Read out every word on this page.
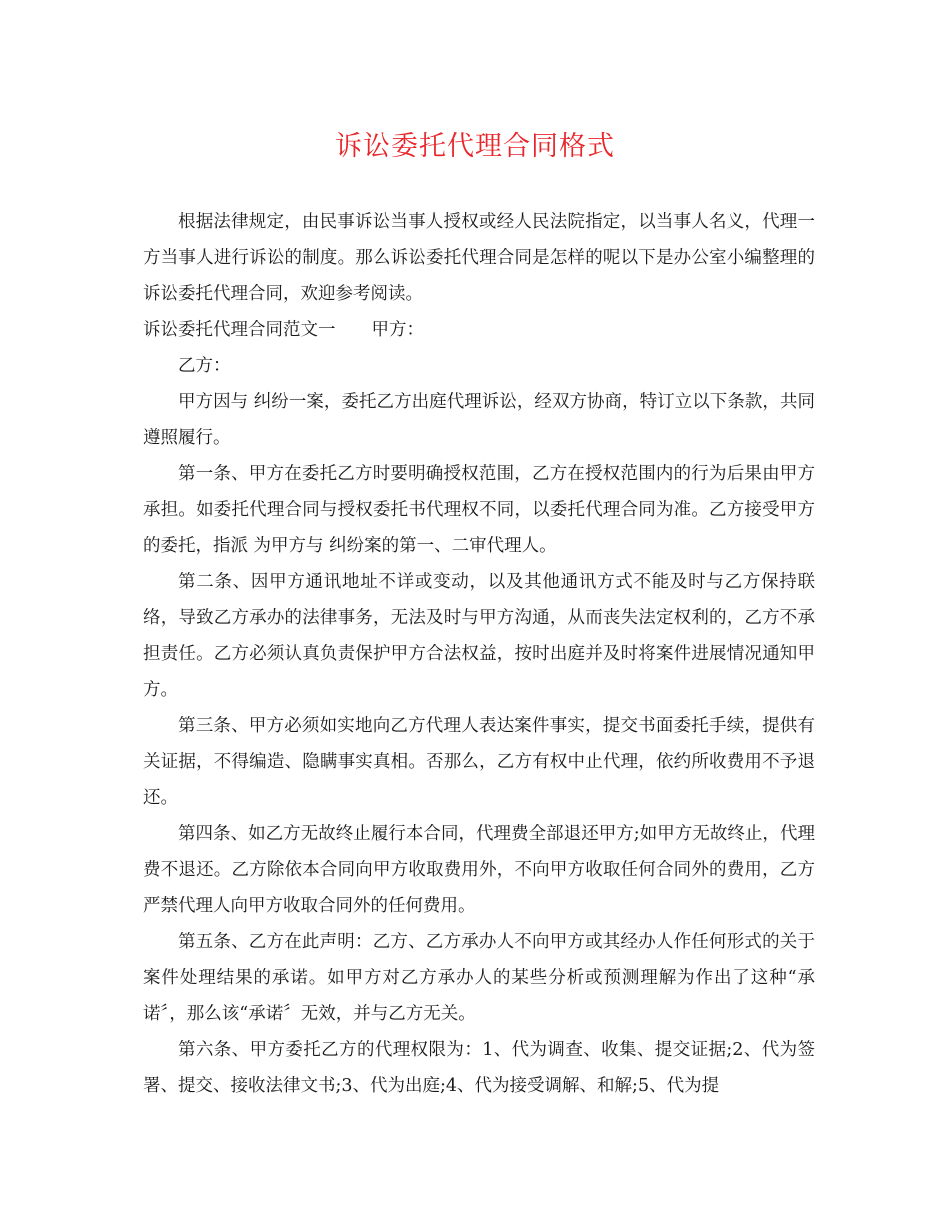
诉讼委托代理合同格式

根据法律规定，由民事诉讼当事人授权或经人民法院指定，以当事人名义，代理一方当事人进行诉讼的制度。那么诉讼委托代理合同是怎样的呢以下是办公室小编整理的诉讼委托代理合同，欢迎参考阅读。

诉讼委托代理合同范文一 甲方：

乙方：

甲方因与 纠纷一案，委托乙方出庭代理诉讼，经双方协商，特订立以下条款，共同遵照履行。

第一条、甲方在委托乙方时要明确授权范围，乙方在授权范围内的行为后果由甲方承担。如委托代理合同与授权委托书代理权不同，以委托代理合同为准。乙方接受甲方的委托，指派 为甲方与 纠纷案的第一、二审代理人。

第二条、因甲方通讯地址不详或变动，以及其他通讯方式不能及时与乙方保持联络，导致乙方承办的法律事务，无法及时与甲方沟通，从而丧失法定权利的，乙方不承担责任。乙方必须认真负责保护甲方合法权益，按时出庭并及时将案件进展情况通知甲方。

第三条、甲方必须如实地向乙方代理人表达案件事实，提交书面委托手续，提供有关证据，不得编造、隐瞒事实真相。否那么，乙方有权中止代理，依约所收费用不予退还。

第四条、如乙方无故终止履行本合同，代理费全部退还甲方;如甲方无故终止，代理费不退还。乙方除依本合同向甲方收取费用外，不向甲方收取任何合同外的费用，乙方严禁代理人向甲方收取合同外的任何费用。

第五条、乙方在此声明：乙方、乙方承办人不向甲方或其经办人作任何形式的关于案件处理结果的承诺。如甲方对乙方承办人的某些分析或预测理解为作出了这种“承诺〞，那么该“承诺〞无效，并与乙方无关。

第六条、甲方委托乙方的代理权限为：1、代为调查、收集、提交证据;2、代为签署、提交、接收法律文书;3、代为出庭;4、代为接受调解、和解;5、代为提
